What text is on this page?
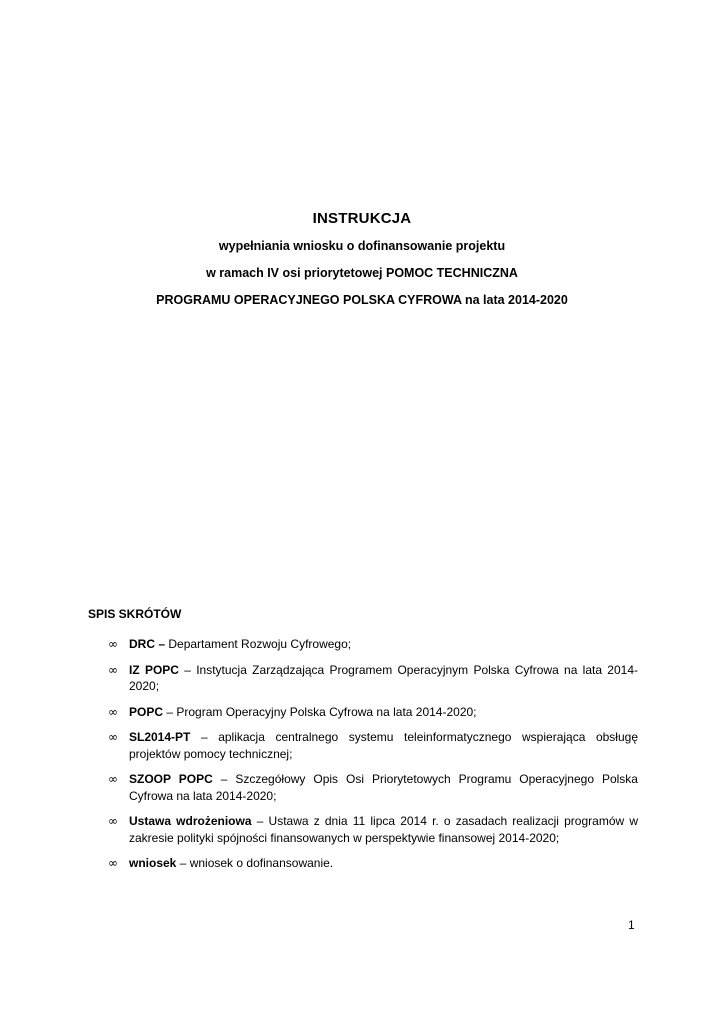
INSTRUKCJA
wypełniania wniosku o dofinansowanie projektu
w ramach IV osi priorytetowej POMOC TECHNICZNA
PROGRAMU OPERACYJNEGO POLSKA CYFROWA na lata 2014-2020
SPIS SKRÓTÓW
∞ DRC – Departament Rozwoju Cyfrowego;
∞ IZ POPC – Instytucja Zarządzająca Programem Operacyjnym Polska Cyfrowa na lata 2014-2020;
∞ POPC – Program Operacyjny Polska Cyfrowa na lata 2014-2020;
∞ SL2014-PT – aplikacja centralnego systemu teleinformatycznego wspierająca obsługę projektów pomocy technicznej;
∞ SZOOP POPC – Szczegółowy Opis Osi Priorytetowych Programu Operacyjnego Polska Cyfrowa na lata 2014-2020;
∞ Ustawa wdrożeniowa – Ustawa z dnia 11 lipca 2014 r. o zasadach realizacji programów w zakresie polityki spójności finansowanych w perspektywie finansowej 2014-2020;
∞ wniosek – wniosek o dofinansowanie.
1
